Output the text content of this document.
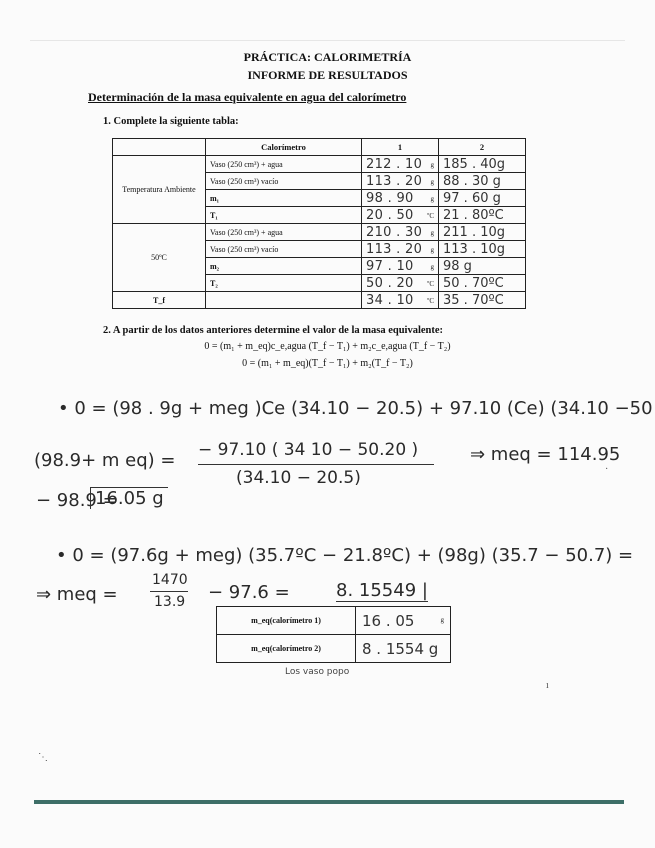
PRÁCTICA: CALORIMETRÍA
INFORME DE RESULTADOS
Determinación de la masa equivalente en agua del calorímetro
1. Complete la siguiente tabla:
	Calorímetro	1	2
Temperatura Ambiente	Vaso (250 cm³) + agua	212 . 10 g	185 . 40g
	Vaso (250 cm³) vacío	113 . 20 g	88 . 30 g
	m₁	98 . 90 g	97 . 60 g
	T₁	20 . 50 ºC	21 . 80ºC
50ºC	Vaso (250 cm³) + agua	210 . 30 g	211 . 10g
	Vaso (250 cm³) vacío	113 . 20 g	113 . 10g
	m₂	97 . 10 g	98 g
	T₂	50 . 20 ºC	50 . 70ºC
T_f		34 . 10 ºC	35 . 70ºC
2. A partir de los datos anteriores determine el valor de la masa equivalente:
0 = (m₁ + m_eq)c_e,agua (T_f − T₁) + m₂c_e,agua (T_f − T₂)
0 = (m₁ + m_eq)(T_f − T₁) + m₂(T_f − T₂)
• 0 = (98 . 9g + meg )Ce (34.10 − 20.5) + 97.10 (Ce) (34.10 −50
(98.9+ m eq) = − 97.10 ( 34 10 − 50.20 )
(34.10 − 20.5)
⇒ meq = 114.95
− 98.9 =
16.05 g
• 0 = (97.6g + meg) (35.7ºC − 21.8ºC) + (98g) (35.7 − 50.7) =
⇒ meq =
1470
13.9 − 97.6 =	8. 15549 |
m_eq(calorímetro 1)	16 . 05 g

m_eq(calorímetro 2)	8 . 1554 g
Los vaso popo
ı
⋱
·
